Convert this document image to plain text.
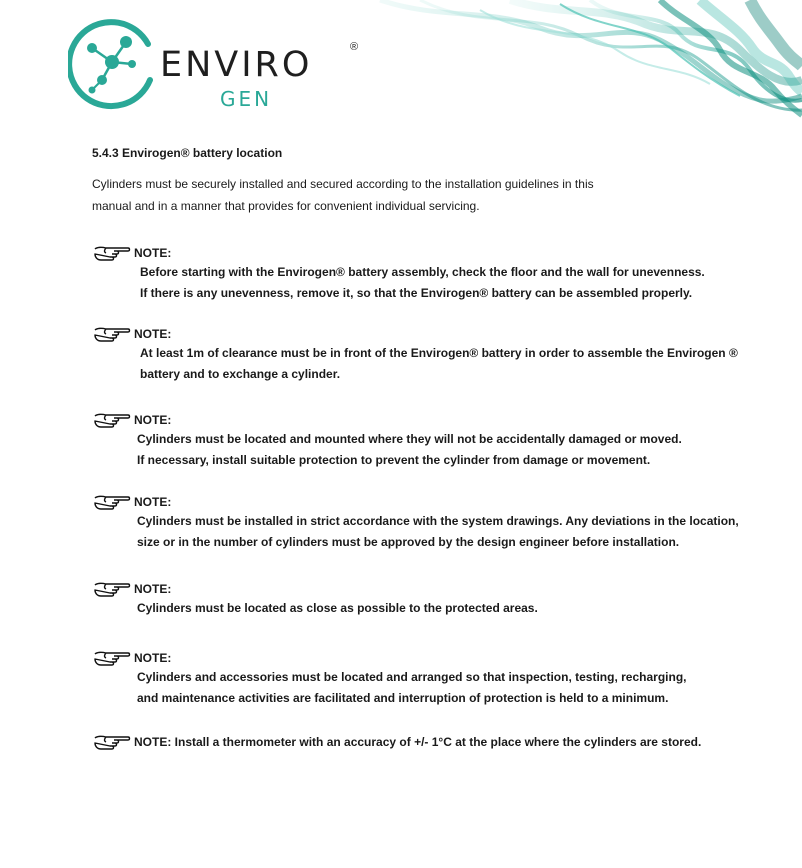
ENVIRO	®
GEN
5.4.3 Envirogen® battery location
Cylinders must be securely installed and secured according to the installation guidelines in this
manual and in a manner that provides for convenient individual servicing.
NOTE:
Before starting with the Envirogen® battery assembly, check the floor and the wall for unevenness.
If there is any unevenness, remove it, so that the Envirogen® battery can be assembled properly.
NOTE:
At least 1m of clearance must be in front of the Envirogen® battery in order to assemble the Envirogen ®
battery and to exchange a cylinder.
NOTE:
Cylinders must be located and mounted where they will not be accidentally damaged or moved.
If necessary, install suitable protection to prevent the cylinder from damage or movement.
NOTE:
Cylinders must be installed in strict accordance with the system drawings. Any deviations in the location,
size or in the number of cylinders must be approved by the design engineer before installation.
NOTE:
Cylinders must be located as close as possible to the protected areas.
NOTE:
Cylinders and accessories must be located and arranged so that inspection, testing, recharging,
and maintenance activities are facilitated and interruption of protection is held to a minimum.
NOTE: Install a thermometer with an accuracy of +/- 1°C at the place where the cylinders are stored.
